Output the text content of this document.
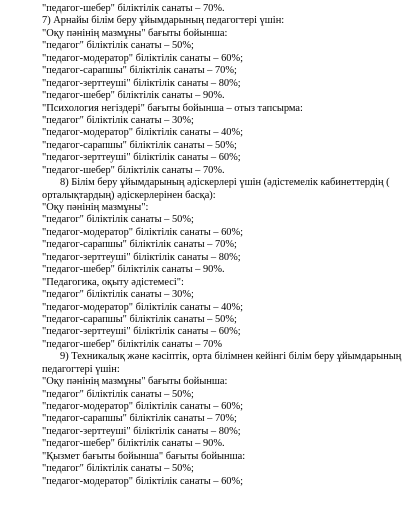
"педагог-шебер" біліктілік санаты – 70%.
7) Арнайы білім беру ұйымдарының педагогтері үшін:
"Оқу пәнінің мазмұны" бағыты бойынша:
"педагог" біліктілік санаты – 50%;
"педагог-модератор" біліктілік санаты – 60%;
"педагог-сарапшы" біліктілік санаты – 70%;
"педагог-зерттеуші" біліктілік санаты – 80%;
"педагог-шебер" біліктілік санаты – 90%.
"Психология негіздері" бағыты бойынша – отыз тапсырма:
"педагог" біліктілік санаты – 30%;
"педагог-модератор" біліктілік санаты – 40%;
"педагог-сарапшы" біліктілік санаты – 50%;
"педагог-зерттеуші" біліктілік санаты – 60%;
"педагог-шебер" біліктілік санаты – 70%.
8) Білім беру ұйымдарының әдіскерлері үшін (әдістемелік кабинеттердің (
орталықтардың) әдіскерлерінен басқа):
"Оқу пәнінің мазмұны":
"педагог" біліктілік санаты – 50%;
"педагог-модератор" біліктілік санаты – 60%;
"педагог-сарапшы" біліктілік санаты – 70%;
"педагог-зерттеуші" біліктілік санаты – 80%;
"педагог-шебер" біліктілік санаты – 90%.
"Педагогика, оқыту әдістемесі":
"педагог" біліктілік санаты – 30%;
"педагог-модератор" біліктілік санаты – 40%;
"педагог-сарапшы" біліктілік санаты – 50%;
"педагог-зерттеуші" біліктілік санаты – 60%;
"педагог-шебер" біліктілік санаты – 70%
9) Техникалық және кәсіптік, орта білімнен кейінгі білім беру ұйымдарының
педагогтері үшін:
"Оқу пәнінің мазмұны" бағыты бойынша:
"педагог" біліктілік санаты – 50%;
"педагог-модератор" біліктілік санаты – 60%;
"педагог-сарапшы" біліктілік санаты – 70%;
"педагог-зерттеуші" біліктілік санаты – 80%;
"педагог-шебер" біліктілік санаты – 90%.
"Қызмет бағыты бойынша" бағыты бойынша:
"педагог" біліктілік санаты – 50%;
"педагог-модератор" біліктілік санаты – 60%;
